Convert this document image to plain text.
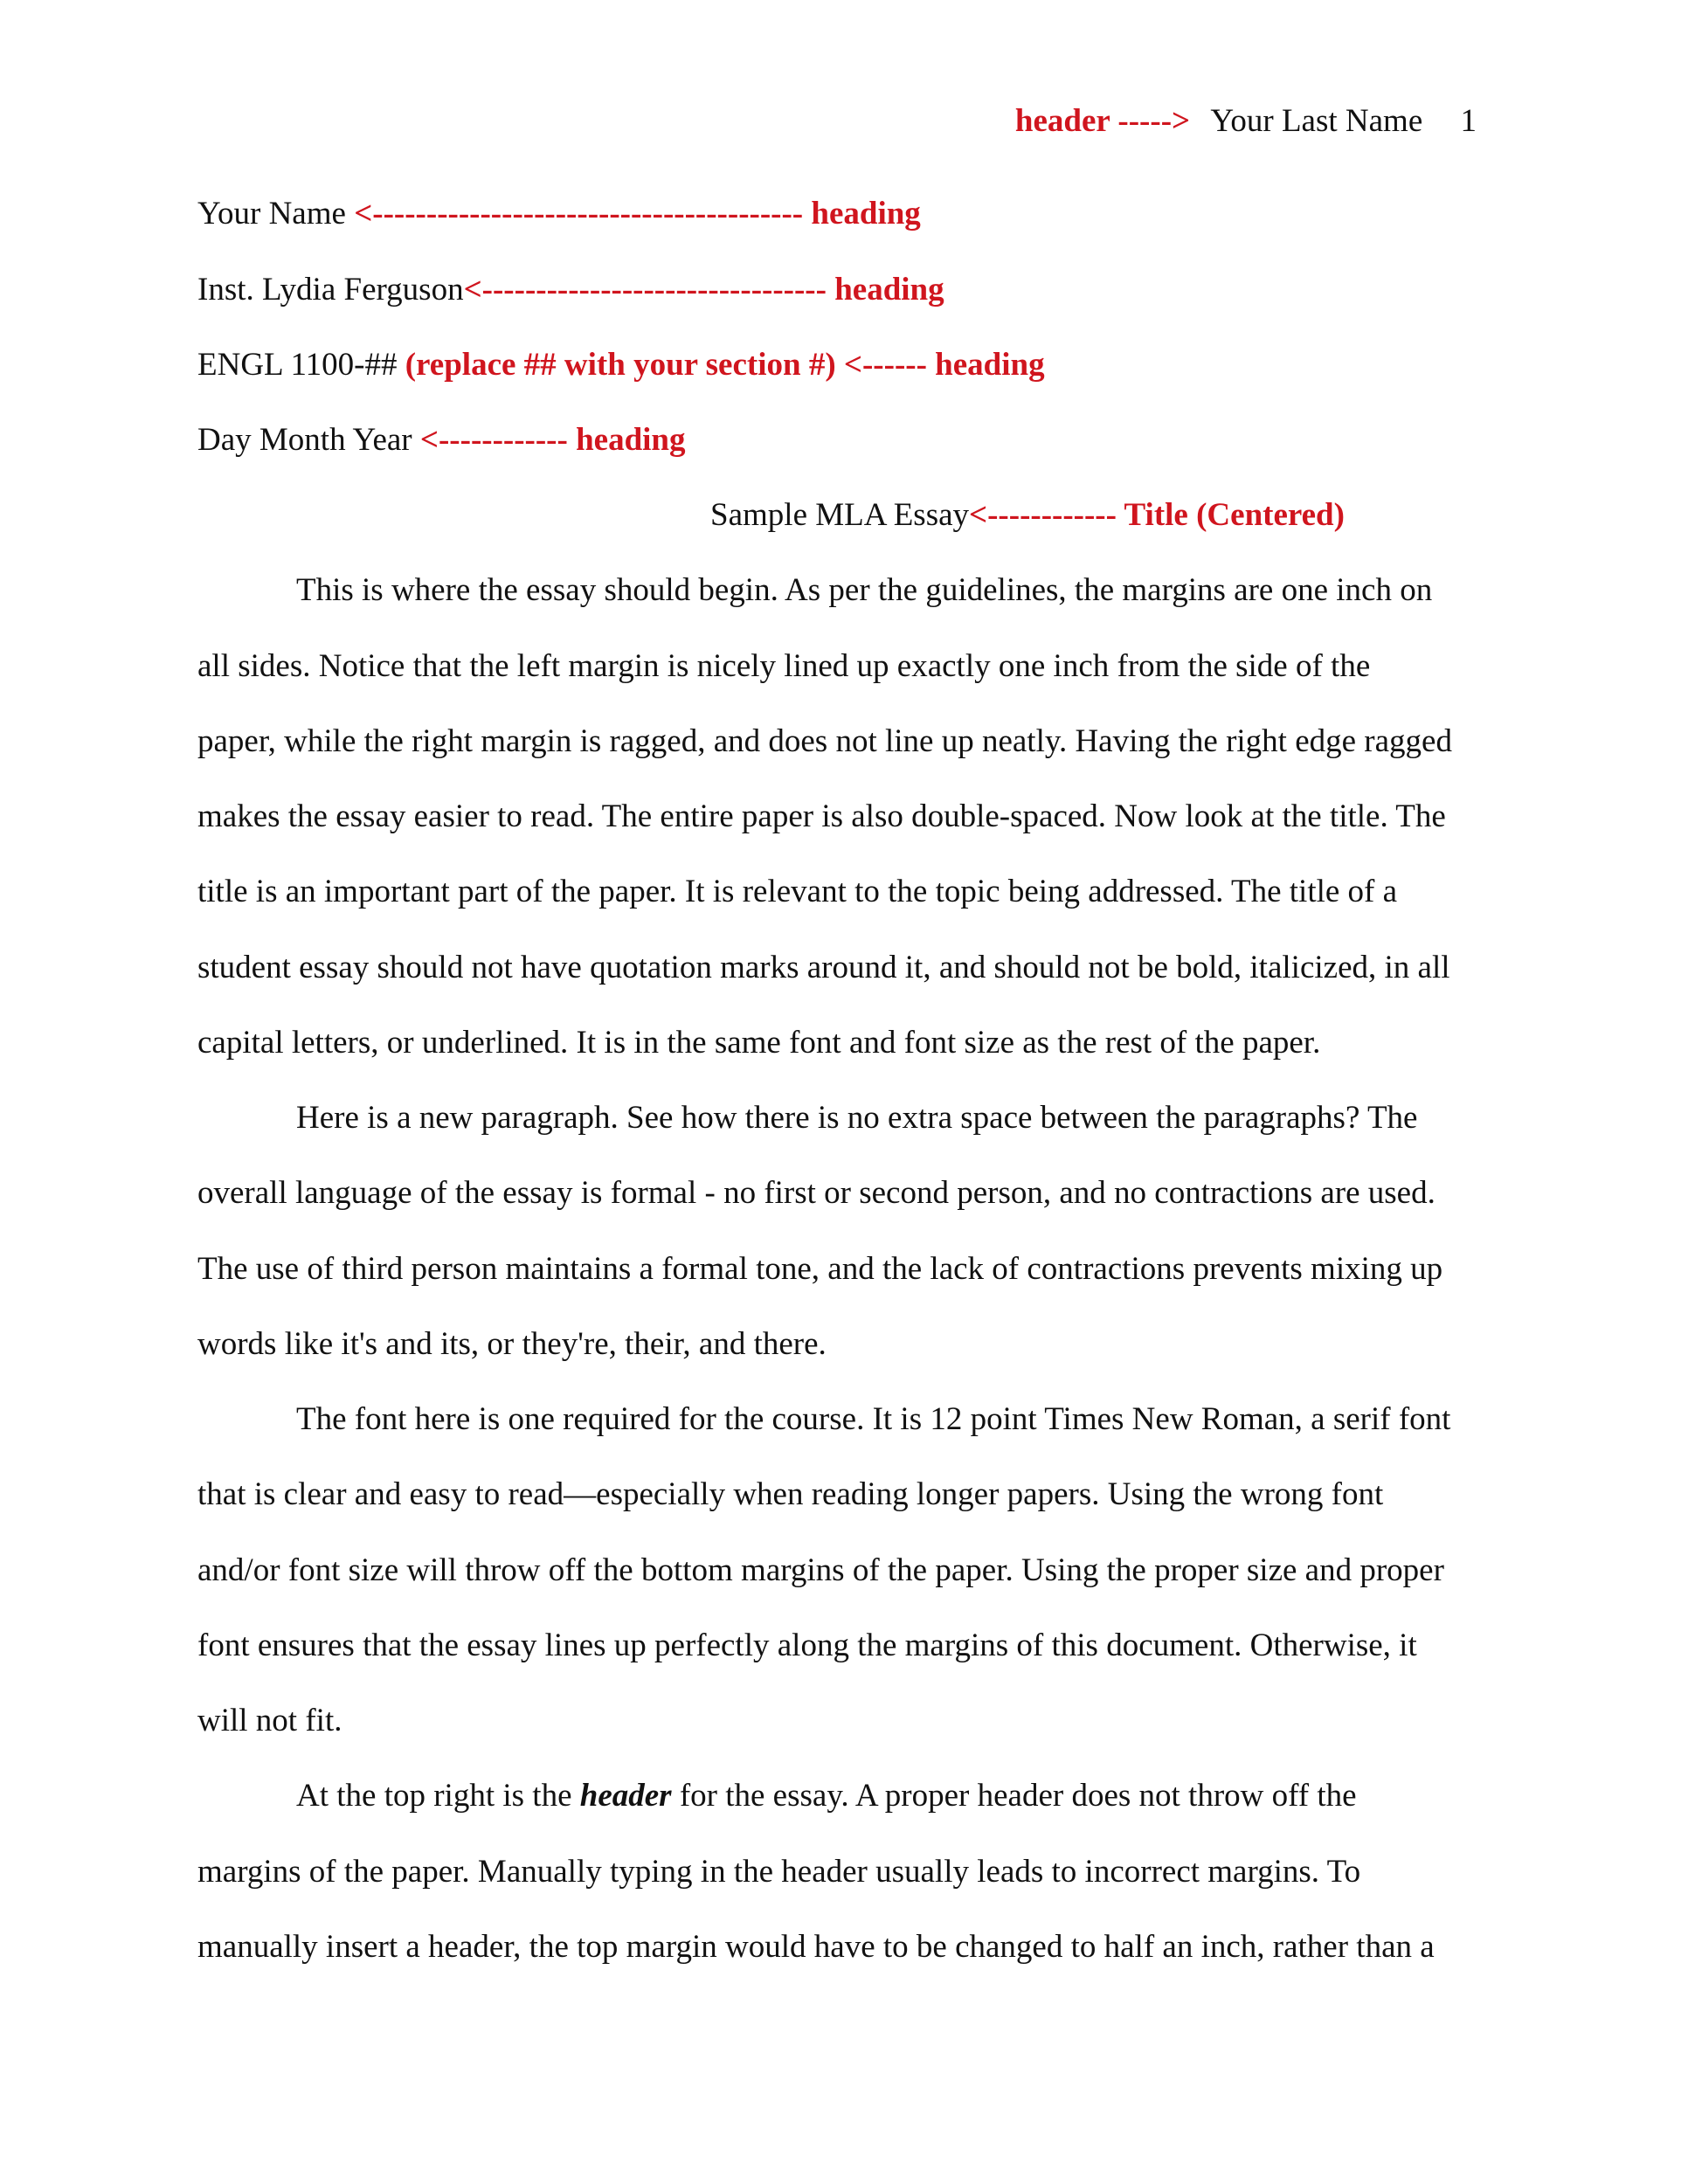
header -----> Your Last Name 1
Your Name <---------------------------------------- heading
Inst. Lydia Ferguson<-------------------------------- heading
ENGL 1100-## (replace ## with your section #) <------ heading
Day Month Year <------------ heading
Sample MLA Essay<------------ Title (Centered)
This is where the essay should begin. As per the guidelines, the margins are one inch on
all sides. Notice that the left margin is nicely lined up exactly one inch from the side of the
paper, while the right margin is ragged, and does not line up neatly. Having the right edge ragged
makes the essay easier to read. The entire paper is also double-spaced. Now look at the title. The
title is an important part of the paper. It is relevant to the topic being addressed. The title of a
student essay should not have quotation marks around it, and should not be bold, italicized, in all
capital letters, or underlined. It is in the same font and font size as the rest of the paper.
Here is a new paragraph. See how there is no extra space between the paragraphs? The
overall language of the essay is formal - no first or second person, and no contractions are used.
The use of third person maintains a formal tone, and the lack of contractions prevents mixing up
words like it's and its, or they're, their, and there.
The font here is one required for the course. It is 12 point Times New Roman, a serif font
that is clear and easy to read—especially when reading longer papers. Using the wrong font
and/or font size will throw off the bottom margins of the paper. Using the proper size and proper
font ensures that the essay lines up perfectly along the margins of this document. Otherwise, it
will not fit.
At the top right is the header for the essay. A proper header does not throw off the
margins of the paper. Manually typing in the header usually leads to incorrect margins. To
manually insert a header, the top margin would have to be changed to half an inch, rather than a
